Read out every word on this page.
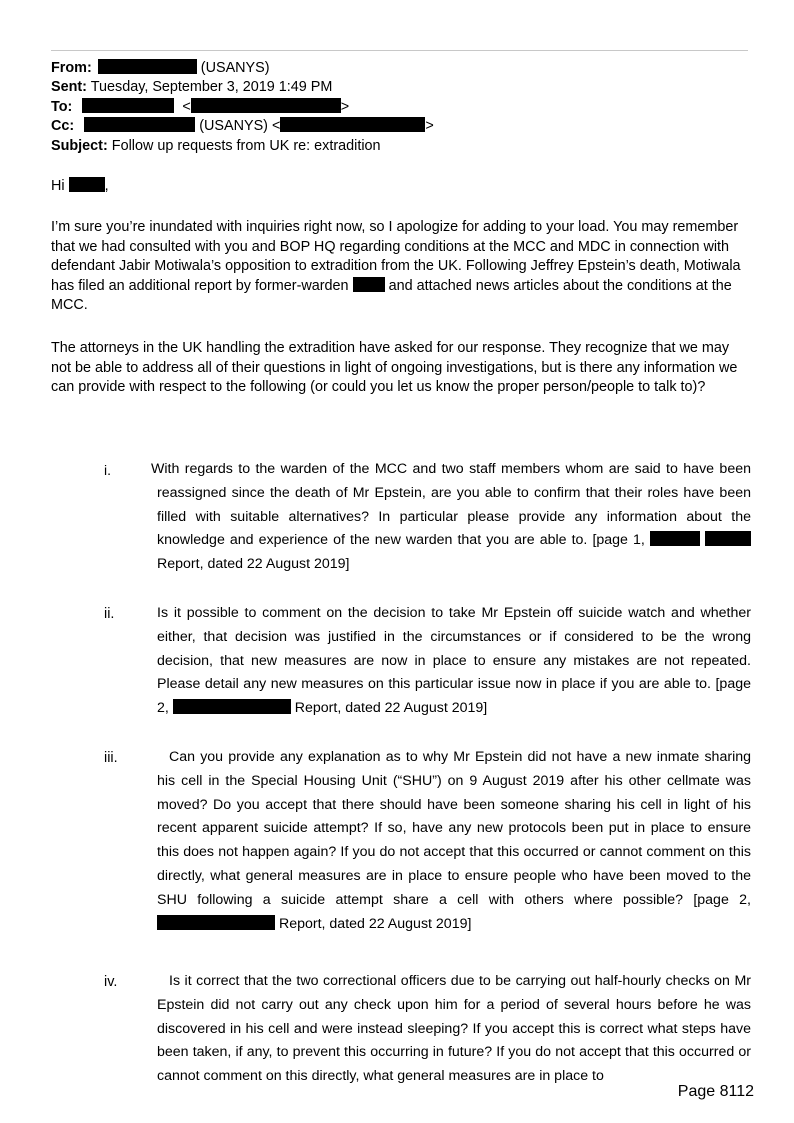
From:	(USANYS)
Sent: Tuesday, September 3, 2019 1:49 PM
To:	<	>
Cc:	(USANYS) <	>
Subject: Follow up requests from UK re: extradition

Hi	,

I’m sure you’re inundated with inquiries right now, so I apologize for adding to your load. You may remember that we had consulted with you and BOP HQ regarding conditions at the MCC and MDC in connection with defendant Jabir Motiwala’s opposition to extradition from the UK. Following Jeffrey Epstein’s death, Motiwala has filed an additional report by former-warden	and attached news articles about the conditions at the MCC.

The attorneys in the UK handling the extradition have asked for our response. They recognize that we may not be able to address all of their questions in light of ongoing investigations, but is there any information we can provide with respect to the following (or could you let us know the proper person/people to talk to)?

i.	With regards to the warden of the MCC and two staff members whom are said to have been reassigned since the death of Mr Epstein, are you able to confirm that their roles have been filled with suitable alternatives? In particular please provide any information about the knowledge and experience of the new warden that you are able to. [page 1,   Report, dated 22 August 2019]

ii.	Is it possible to comment on the decision to take Mr Epstein off suicide watch and whether either, that decision was justified in the circumstances or if considered to be the wrong decision, that new measures are now in place to ensure any mistakes are not repeated. Please detail any new measures on this particular issue now in place if you are able to. [page 2,	Report, dated 22 August 2019]

iii.	Can you provide any explanation as to why Mr Epstein did not have a new inmate sharing his cell in the Special Housing Unit (“SHU”) on 9 August 2019 after his other cellmate was moved? Do you accept that there should have been someone sharing his cell in light of his recent apparent suicide attempt? If so, have any new protocols been put in place to ensure this does not happen again? If you do not accept that this occurred or cannot comment on this directly, what general measures are in place to ensure people who have been moved to the SHU following a suicide attempt share a cell with others where possible? [page 2,  Report, dated 22 August 2019]

iv.	Is it correct that the two correctional officers due to be carrying out half-hourly checks on Mr Epstein did not carry out any check upon him for a period of several hours before he was discovered in his cell and were instead sleeping? If you accept this is correct what steps have been taken, if any, to prevent this occurring in future? If you do not accept that this occurred or cannot comment on this directly, what general measures are in place to

Page 8112
